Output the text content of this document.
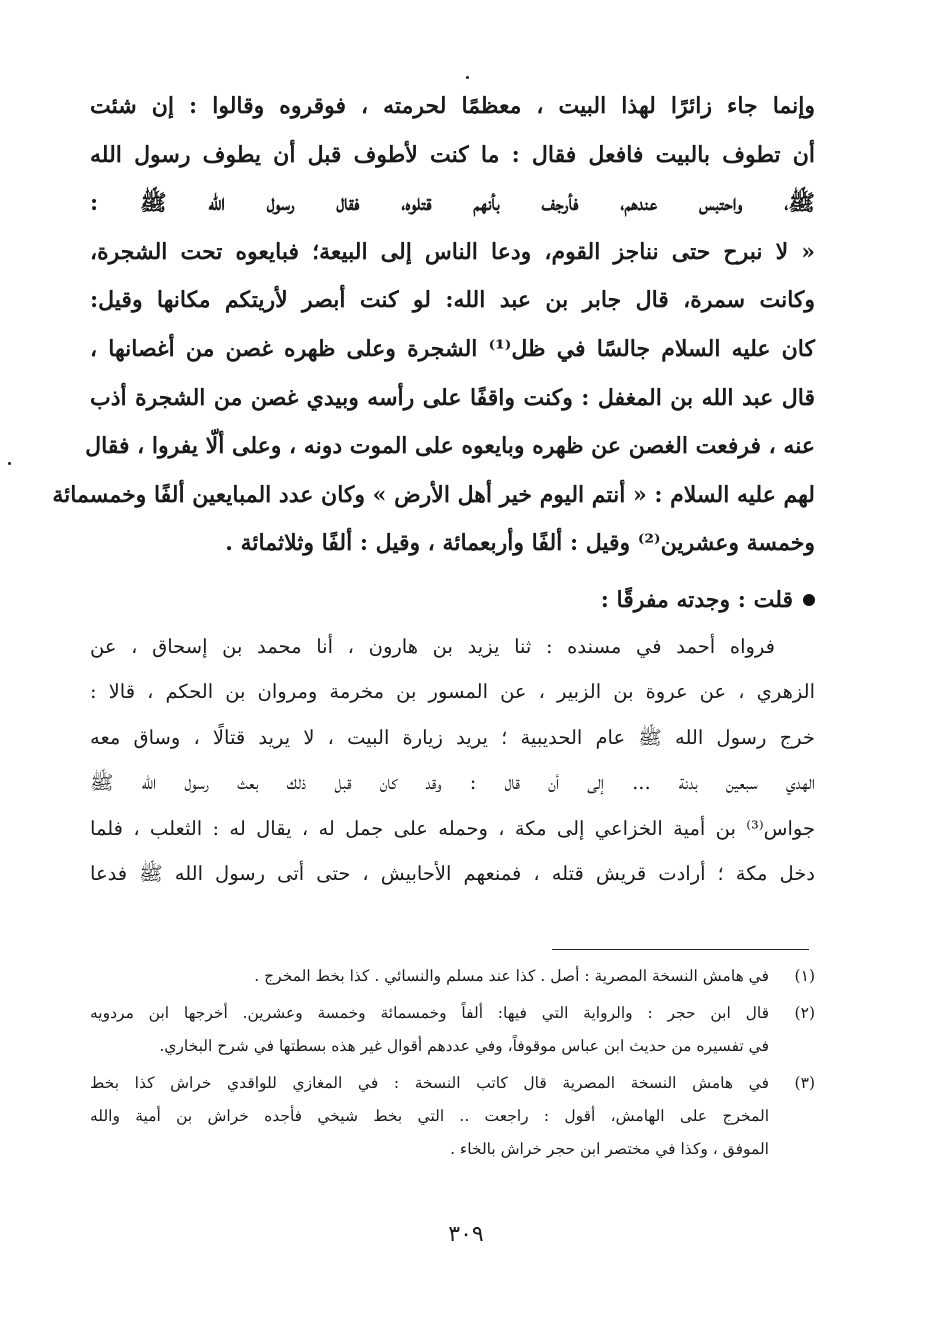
وإنما جاء زائرًا لهذا البيت ، معظمًا لحرمته ، فوقروه وقالوا : إن شئت

أن تطوف بالبيت فافعل فقال : ما كنت لأطوف قبل أن يطوف رسول الله

ﷺ، واحتبس عندهم، فأرجف بأنهم قتلوه، فقال رسول الله ﷺ :

« لا نبرح حتى نناجز القوم، ودعا الناس إلى البيعة؛ فبايعوه تحت الشجرة،

وكانت سمرة، قال جابر بن عبد الله: لو كنت أبصر لأريتكم مكانها وقيل:

كان عليه السلام جالسًا في ظل⁽¹⁾ الشجرة وعلى ظهره غصن من أغصانها ،

قال عبد الله بن المغفل : وكنت واقفًا على رأسه وبيدي غصن من الشجرة أذب

عنه ، فرفعت الغصن عن ظهره وبايعوه على الموت دونه ، وعلى ألّا يفروا ، فقال

لهم عليه السلام : « أنتم اليوم خير أهل الأرض » وكان عدد المبايعين ألفًا وخمسمائة

وخمسة وعشرين⁽²⁾ وقيل : ألفًا وأربعمائة ، وقيل : ألفًا وثلاثمائة .

قلت : وجدته مفرقًا :

فرواه أحمد في مسنده : ثنا يزيد بن هارون ، أنا محمد بن إسحاق ، عن

الزهري ، عن عروة بن الزبير ، عن المسور بن مخرمة ومروان بن الحكم ، قالا :

خرج رسول الله ﷺ عام الحديبية ؛ يريد زيارة البيت ، لا يريد قتالًا ، وساق معه

الهدي سبعين بدنة ... إلى أن قال : وقد كان قبل ذلك بعث رسول الله ﷺ

جواس⁽³⁾ بن أمية الخزاعي إلى مكة ، وحمله على جمل له ، يقال له : الثعلب ، فلما

دخل مكة ؛ أرادت قريش قتله ، فمنعهم الأحابيش ، حتى أتى رسول الله ﷺ فدعا

(١)
في هامش النسخة المصرية : أصل . كذا عند مسلم والنسائي . كذا بخط المخرج .
(٢)
قال ابن حجر : والرواية التي فيها: ألفاً وخمسمائة وخمسة وعشرين. أخرجها ابن مردويه
في تفسيره من حديث ابن عباس موقوفاً، وفي عددهم أقوال غير هذه بسطتها في شرح البخاري.
(٣)
في هامش النسخة المصرية قال كاتب النسخة : في المغازي للواقدي خراش كذا بخط
المخرج على الهامش، أقول : راجعت .. التي بخط شيخي فأجده خراش بن أمية والله
الموفق ، وكذا في مختصر ابن حجر خراش بالخاء .
٣٠٩
